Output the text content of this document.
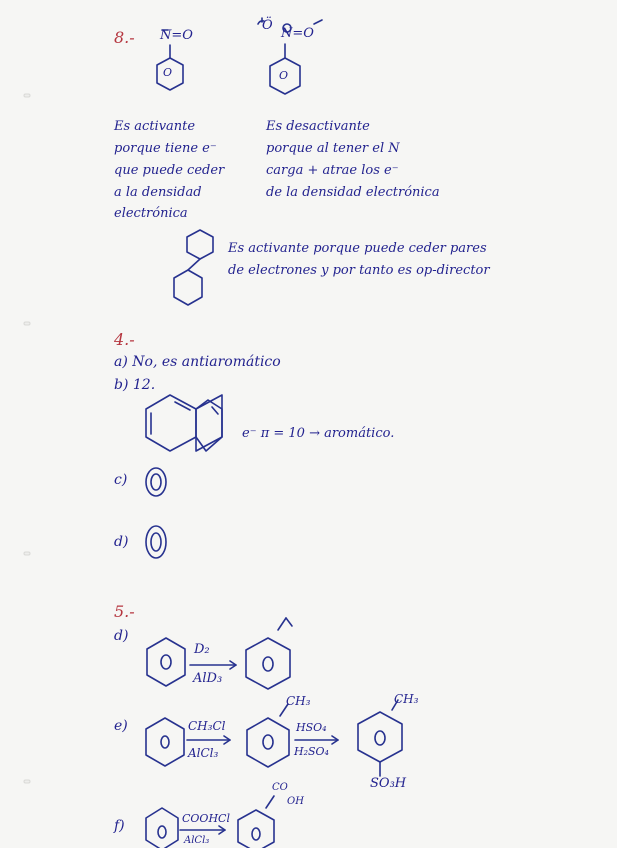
8.- N=O
O
Ö
N=O
O
Es activante
porque tiene e⁻
que puede ceder
a la densidad
electrónica
Es desactivante
porque al tener el N
carga + atrae los e⁻
de la densidad electrónica
Es activante porque puede ceder pares
de electrones y por tanto es op-director
4.-
a) No, es antiaromático
b) 12.
e⁻ π = 10 → aromático.
c)
d)
5.-
d)
D₂
AlD₃
e)	CH₃Cl
AlCl₃
CH₃
HSO₄
H₂SO₄
CH₃
SO₃H
f)	COOHCl
AlCl₃
CO
OH
